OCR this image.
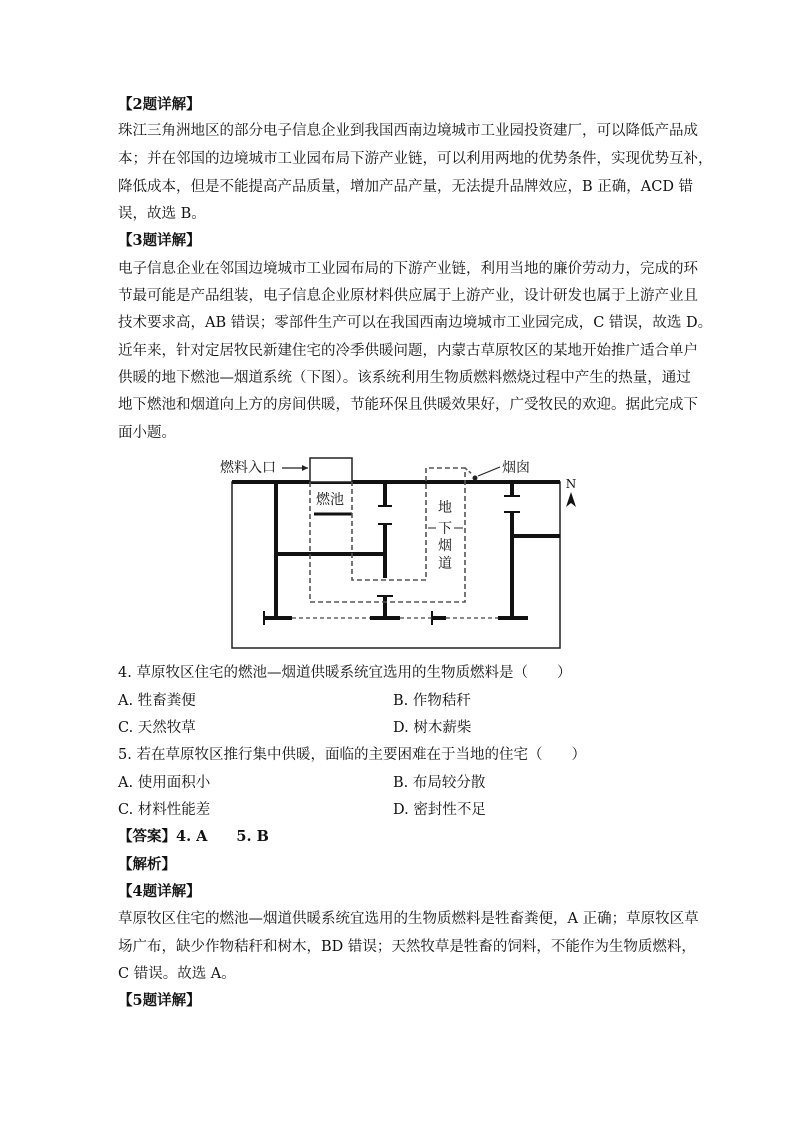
【2题详解】
珠江三角洲地区的部分电子信息企业到我国西南边境城市工业园投资建厂，可以降低产品成
本；并在邻国的边境城市工业园布局下游产业链，可以利用两地的优势条件，实现优势互补，
降低成本，但是不能提高产品质量，增加产品产量，无法提升品牌效应，B 正确，ACD 错
误，故选 B。
【3题详解】
电子信息企业在邻国边境城市工业园布局的下游产业链，利用当地的廉价劳动力，完成的环
节最可能是产品组装，电子信息企业原材料供应属于上游产业，设计研发也属于上游产业且
技术要求高，AB 错误；零部件生产可以在我国西南边境城市工业园完成，C 错误，故选 D。
近年来，针对定居牧民新建住宅的冷季供暖问题，内蒙古草原牧区的某地开始推广适合单户
供暖的地下燃池—烟道系统（下图）。该系统利用生物质燃料燃烧过程中产生的热量，通过
地下燃池和烟道向上方的房间供暖，节能环保且供暖效果好，广受牧民的欢迎。据此完成下
面小题。
燃料入口	烟囱
N
燃池	地
下
烟
道
4. 草原牧区住宅的燃池—烟道供暖系统宜选用的生物质燃料是（　　）
A. 牲畜粪便	B. 作物秸秆
C. 天然牧草	D. 树木薪柴
5. 若在草原牧区推行集中供暖，面临的主要困难在于当地的住宅（　　）
A. 使用面积小	B. 布局较分散
C. 材料性能差	D. 密封性不足
【答案】4. A　　5. B
【解析】
【4题详解】
草原牧区住宅的燃池—烟道供暖系统宜选用的生物质燃料是牲畜粪便，A 正确；草原牧区草
场广布，缺少作物秸秆和树木，BD 错误；天然牧草是牲畜的饲料，不能作为生物质燃料，
C 错误。故选 A。
【5题详解】
